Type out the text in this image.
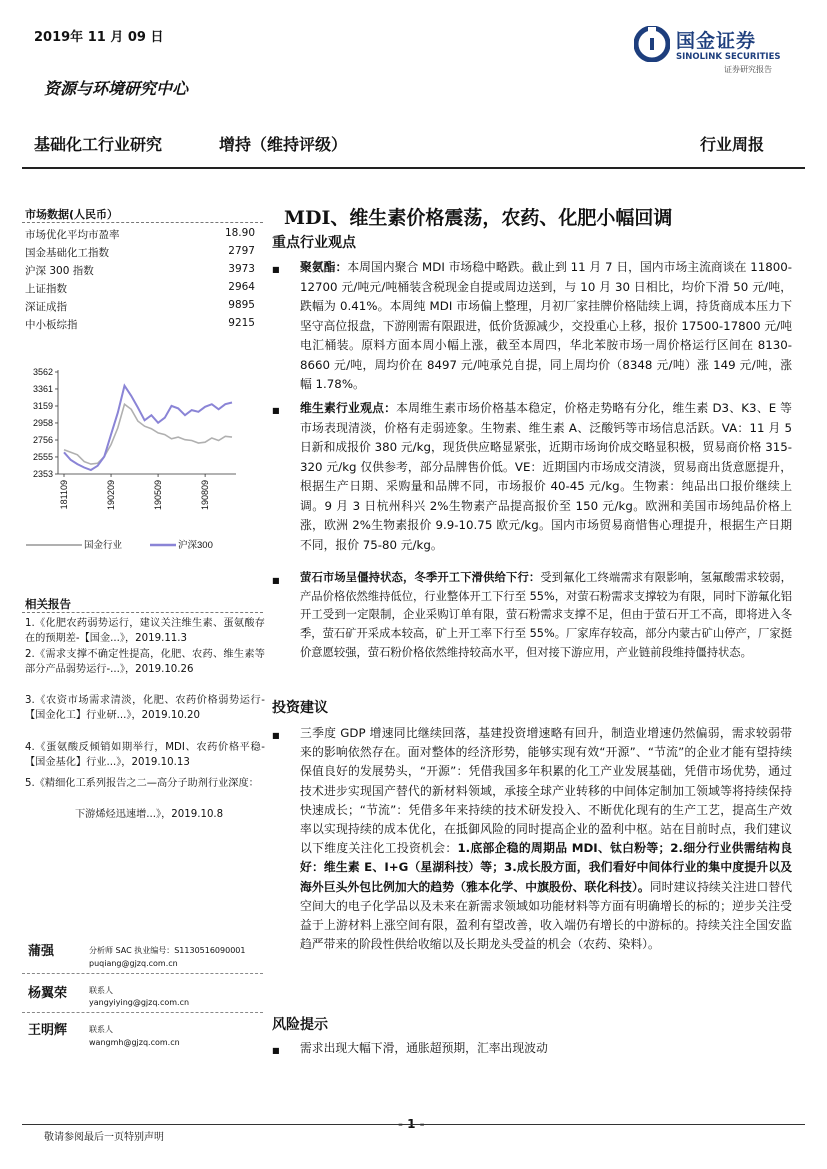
2019年 11 月 09 日
资源与环境研究中心
国金证券
SINOLINK SECURITIES
证券研究报告
基础化工行业研究	增持（维持评级）	行业周报
MDI、维生素价格震荡，农药、化肥小幅回调
市场数据(人民币）
市场优化平均市盈率	18.90
国金基础化工指数	2797
沪深 300 指数	3973
上证指数	2964
深证成指	9895
中小板综指	9215
3562
3361
3159
2958
2756
2555
2353
181109	190209	190509	190809
国金行业	沪深300
相关报告
1.《化肥农药弱势运行，建议关注维生素、蛋氨酸存在的预期差-【国金...》，2019.11.3
2.《需求支撑不确定性提高，化肥、农药、维生素等部分产品弱势运行-...》，2019.10.26
3.《农资市场需求清淡，化肥、农药价格弱势运行-【国金化工】行业研...》，2019.10.20
4.《蛋氨酸反倾销如期举行，MDI、农药价格平稳-【国金基化】行业...》，2019.10.13
5.《精细化工系列报告之二—高分子助剂行业深度：
下游烯烃迅速增...》，2019.10.8
蒲强	分析师 SAC 执业编号：S1130516090001
puqiang@gjzq.com.cn
杨翼荣	联系人
yangyiying@gjzq.com.cn
王明辉	联系人
wangmh@gjzq.com.cn
重点行业观点
■ 聚氨酯：本周国内聚合 MDI 市场稳中略跌。截止到 11 月 7 日，国内市场主流商谈在 11800-12700 元/吨元/吨桶装含税现金自提或周边送到，与 10 月 30 日相比，均价下滑 50 元/吨，跌幅为 0.41%。本周纯 MDI 市场偏上整理，月初厂家挂牌价格陆续上调，持货商成本压力下坚守高位报盘，下游刚需有限跟进，低价货源减少，交投重心上移，报价 17500-17800 元/吨电汇桶装。原料方面本周小幅上涨，截至本周四，华北苯胺市场一周价格运行区间在 8130-8660 元/吨，周均价在 8497 元/吨承兑自提，同上周均价（8348 元/吨）涨 149 元/吨，涨幅 1.78%。
■ 维生素行业观点：本周维生素市场价格基本稳定，价格走势略有分化，维生素 D3、K3、E 等市场表现清淡，价格有走弱迹象。生物素、维生素 A、泛酸钙等市场信息活跃。VA：11 月 5 日新和成报价 380 元/kg，现货供应略显紧张，近期市场询价成交略显积极，贸易商价格 315-320 元/kg 仅供参考，部分品牌售价低。VE：近期国内市场成交清淡，贸易商出货意愿提升，根据生产日期、采购量和品牌不同，市场报价 40-45 元/kg。生物素：纯品出口报价继续上调。9 月 3 日杭州科兴 2%生物素产品提高报价至 150 元/kg。欧洲和美国市场纯品价格上涨，欧洲 2%生物素报价 9.9-10.75 欧元/kg。国内市场贸易商惜售心理提升，根据生产日期不同，报价 75-80 元/kg。
■ 萤石市场呈僵持状态，冬季开工下滑供给下行：受到氟化工终端需求有限影响，氢氟酸需求较弱，产品价格依然维持低位，行业整体开工下行至 55%，对萤石粉需求支撑较为有限，同时下游氟化铝开工受到一定限制，企业采购订单有限，萤石粉需求支撑不足，但由于萤石开工不高，即将进入冬季，萤石矿开采成本较高，矿上开工率下行至 55%。厂家库存较高，部分内蒙古矿山停产，厂家挺价意愿较强，萤石粉价格依然维持较高水平，但对接下游应用，产业链前段维持僵持状态。
投资建议
■ 三季度 GDP 增速同比继续回落，基建投资增速略有回升，制造业增速仍然偏弱，需求较弱带来的影响依然存在。面对整体的经济形势，能够实现有效“开源”、“节流”的企业才能有望持续保值良好的发展势头，“开源”：凭借我国多年积累的化工产业发展基础，凭借市场优势，通过技术进步实现国产替代的新材料领域，承接全球产业转移的中间体定制加工领域等将持续保持快速成长；“节流”：凭借多年来持续的技术研发投入、不断优化现有的生产工艺，提高生产效率以实现持续的成本优化，在抵御风险的同时提高企业的盈利中枢。站在目前时点，我们建议以下维度关注化工投资机会：1.底部企稳的周期品 MDI、钛白粉等；2.细分行业供需结构良好：维生素 E、I+G（星湖科技）等；3.成长股方面，我们看好中间体行业的集中度提升以及海外巨头外包比例加大的趋势（雅本化学、中旗股份、联化科技）。同时建议持续关注进口替代空间大的电子化学品以及未来在新需求领域如功能材料等方面有明确增长的标的；逆步关注受益于上游材料上涨空间有限，盈利有望改善，收入端仍有增长的中游标的。持续关注全国安监趋严带来的阶段性供给收缩以及长期龙头受益的机会（农药、染料）。
风险提示
■ 需求出现大幅下滑，通胀超预期，汇率出现波动
- 1 -
敬请参阅最后一页特别声明
